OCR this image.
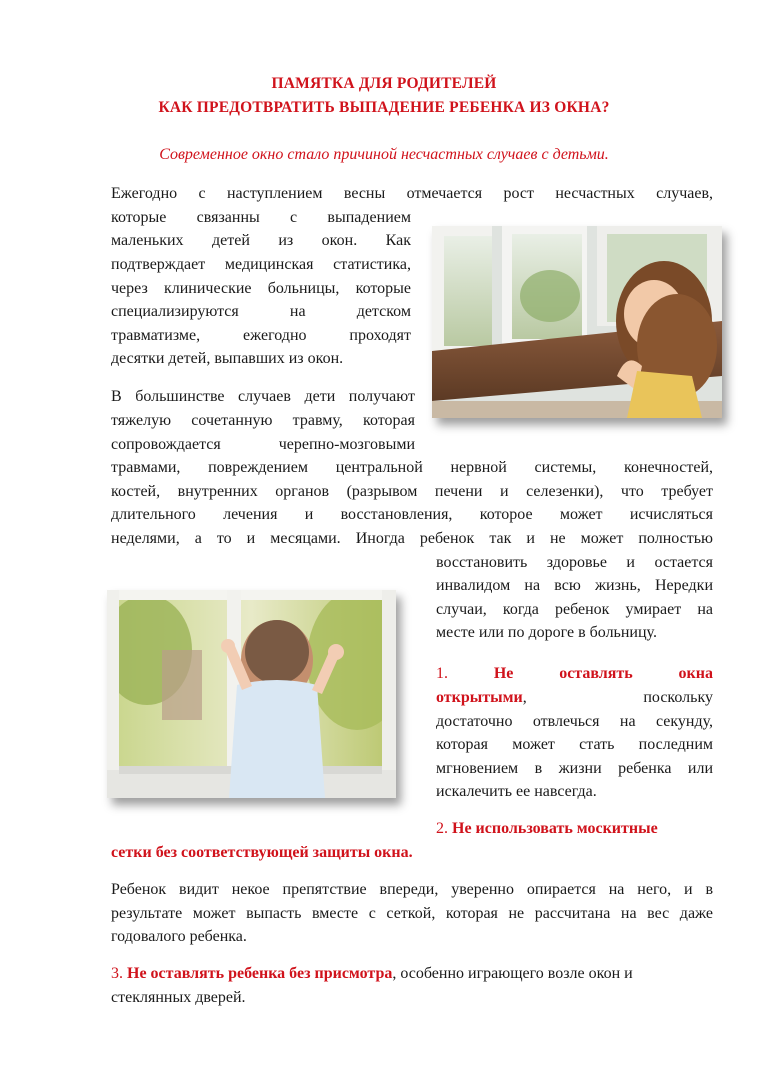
ПАМЯТКА ДЛЯ РОДИТЕЛЕЙ
КАК ПРЕДОТВРАТИТЬ ВЫПАДЕНИЕ РЕБЕНКА ИЗ ОКНА?
Современное окно стало причиной несчастных случаев с детьми.

Ежегодно с наступлением весны отмечается рост несчастных случаев,

которые связанны с выпадением

маленьких детей из окон. Как

подтверждает медицинская статистика,

через клинические больницы, которые

специализируются на детском

травматизме, ежегодно проходят

десятки детей, выпавших из окон.

В большинстве случаев дети получают

тяжелую сочетанную травму, которая

сопровождается черепно-мозговыми

травмами, повреждением центральной нервной системы, конечностей,

костей, внутренних органов (разрывом печени и селезенки), что требует

длительного лечения и восстановления, которое может исчисляться

неделями, а то и месяцами. Иногда ребенок так и не может полностью

восстановить здоровье и остается

инвалидом на всю жизнь, Нередки

случаи, когда ребенок умирает на

месте или по дороге в больницу.

1.	Не оставлять окна

открытыми, поскольку

достаточно отвлечься на секунду,

которая может стать последним

мгновением в жизни ребенка или

искалечить ее навсегда.

2. Не использовать москитные

сетки без соответствующей защиты окна.

Ребенок видит некое препятствие впереди, уверенно опирается на него, и в

результате может выпасть вместе с сеткой, которая не рассчитана на вес даже

годовалого ребенка.

3. Не оставлять ребенка без присмотра, особенно играющего возле окон и

стеклянных дверей.
